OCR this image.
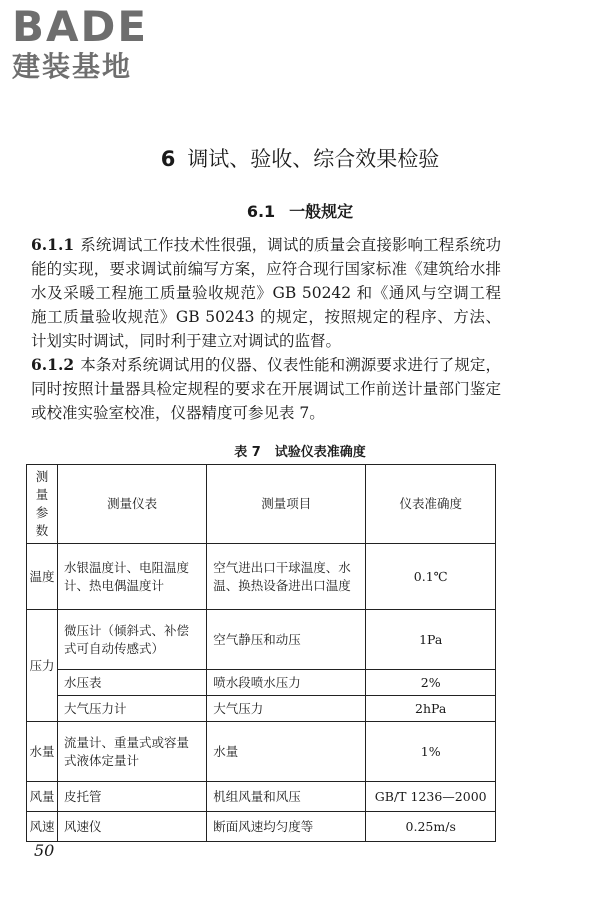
BADE
建装基地
6 调试、验收、综合效果检验
6.1 一般规定

6.1.1 系统调试工作技术性很强，调试的质量会直接影响工程系统功能的实现，要求调试前编写方案，应符合现行国家标准《建筑给水排水及采暖工程施工质量验收规范》GB 50242 和《通风与空调工程施工质量验收规范》GB 50243 的规定，按照规定的程序、方法、计划实时调试，同时利于建立对调试的监督。

6.1.2 本条对系统调试用的仪器、仪表性能和溯源要求进行了规定，同时按照计量器具检定规程的要求在开展调试工作前送计量部门鉴定或校准实验室校准，仪器精度可参见表 7。

表 7 试验仪表准确度
测量参数	测量仪表	测量项目	仪表准确度
温度	水银温度计、电阻温度计、热电偶温度计	空气进出口干球温度、水温、换热设备进出口温度	0.1℃
压力	微压计（倾斜式、补偿式可自动传感式）	空气静压和动压	1Pa
	水压表	喷水段喷水压力	2%
	大气压力计	大气压力	2hPa
水量	流量计、重量式或容量式液体定量计	水量	1%
风量	皮托管	机组风量和风压	GB/T 1236—2000
风速	风速仪	断面风速均匀度等	0.25m/s
50
